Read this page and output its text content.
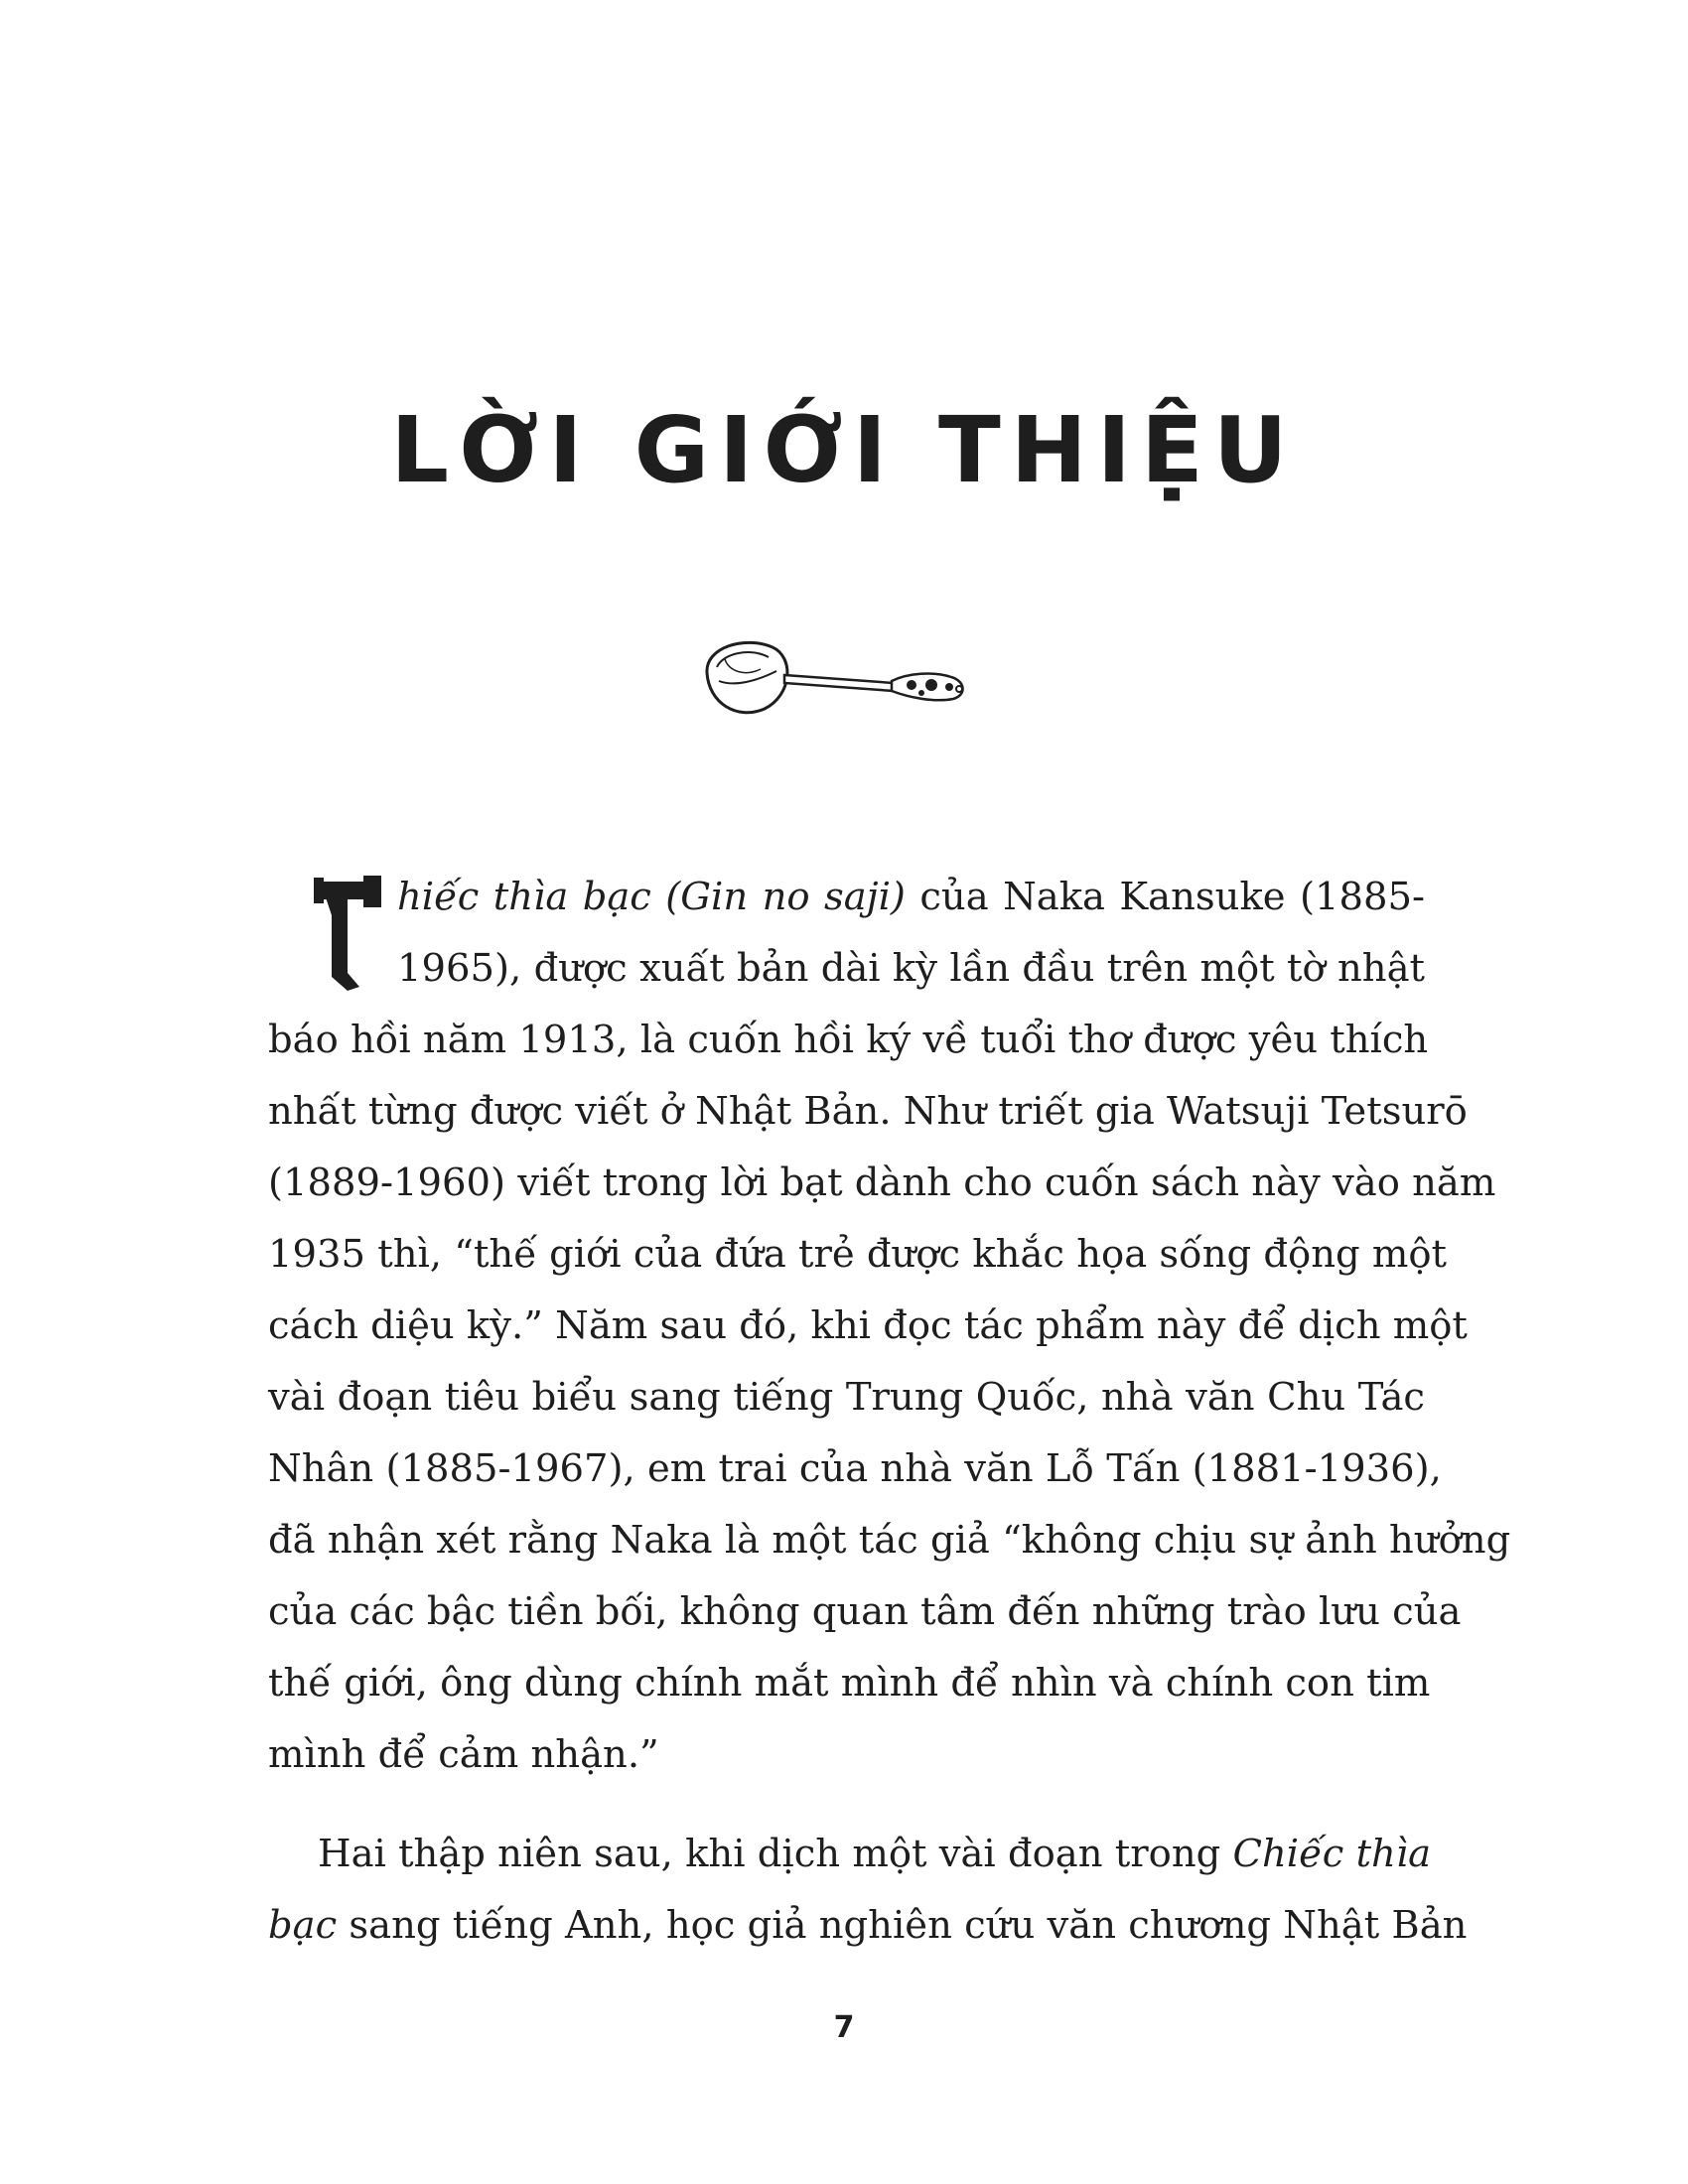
LỜI GIỚI THIỆU
hiếc thìa bạc (Gin no saji) của Naka Kansuke (1885-
1965), được xuất bản dài kỳ lần đầu trên một tờ nhật
báo hồi năm 1913, là cuốn hồi ký về tuổi thơ được yêu thích
nhất từng được viết ở Nhật Bản. Như triết gia Watsuji Tetsurō
(1889-1960) viết trong lời bạt dành cho cuốn sách này vào năm
1935 thì, “thế giới của đứa trẻ được khắc họa sống động một
cách diệu kỳ.” Năm sau đó, khi đọc tác phẩm này để dịch một
vài đoạn tiêu biểu sang tiếng Trung Quốc, nhà văn Chu Tác
Nhân (1885-1967), em trai của nhà văn Lỗ Tấn (1881-1936),
đã nhận xét rằng Naka là một tác giả “không chịu sự ảnh hưởng
của các bậc tiền bối, không quan tâm đến những trào lưu của
thế giới, ông dùng chính mắt mình để nhìn và chính con tim
mình để cảm nhận.”
Hai thập niên sau, khi dịch một vài đoạn trong Chiếc thìa
bạc sang tiếng Anh, học giả nghiên cứu văn chương Nhật Bản
7
